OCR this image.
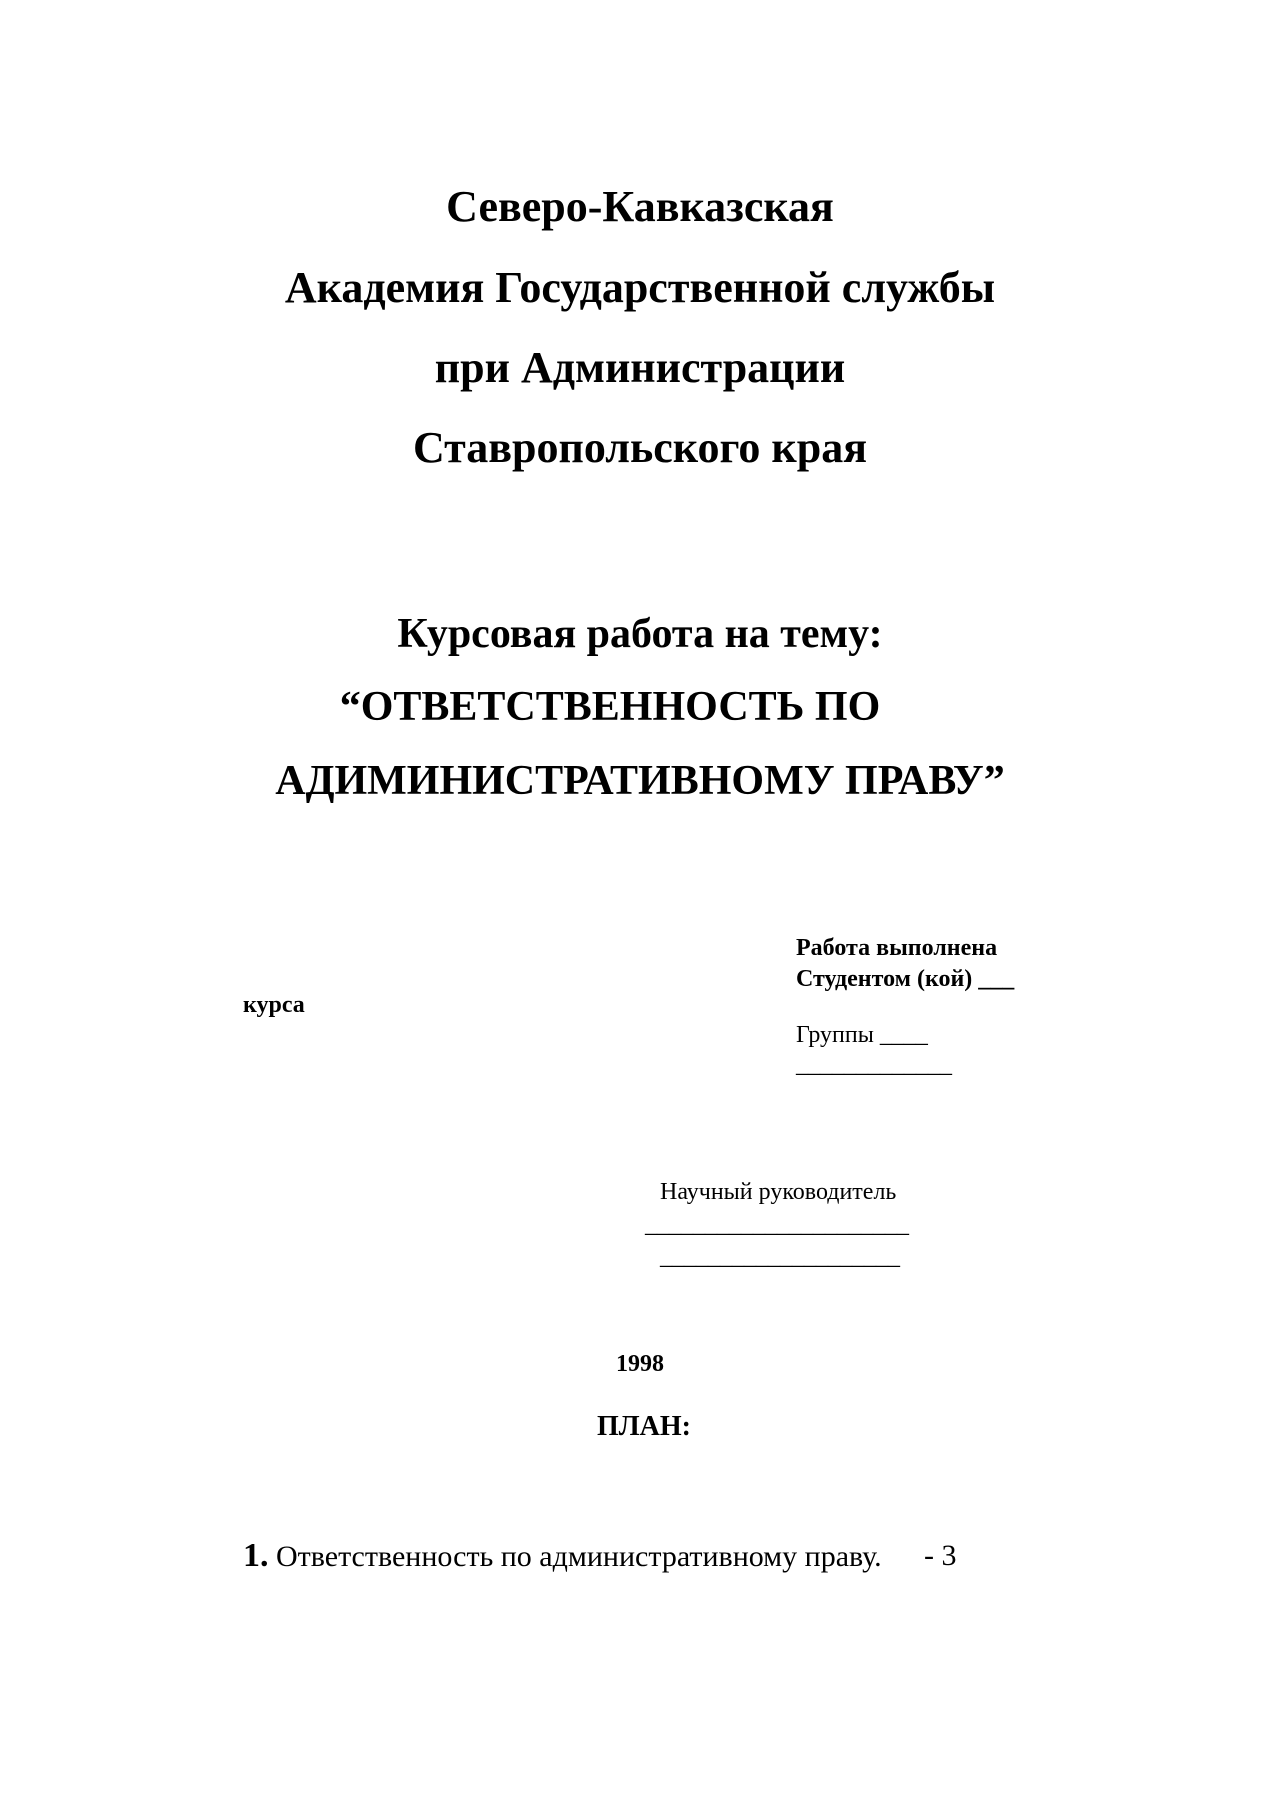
Северо-Кавказская
Академия Государственной службы
при Администрации
Ставропольского края
Курсовая работа на тему:
“ОТВЕТСТВЕННОСТЬ ПО
АДИМИНИСТРАТИВНОМУ ПРАВУ”
Работа выполнена
Студентом (кой) ___
курса
Группы ____
_____________
Научный руководитель
______________________
____________________
1998
ПЛАН:
1. Ответственность по административному праву. - 3
